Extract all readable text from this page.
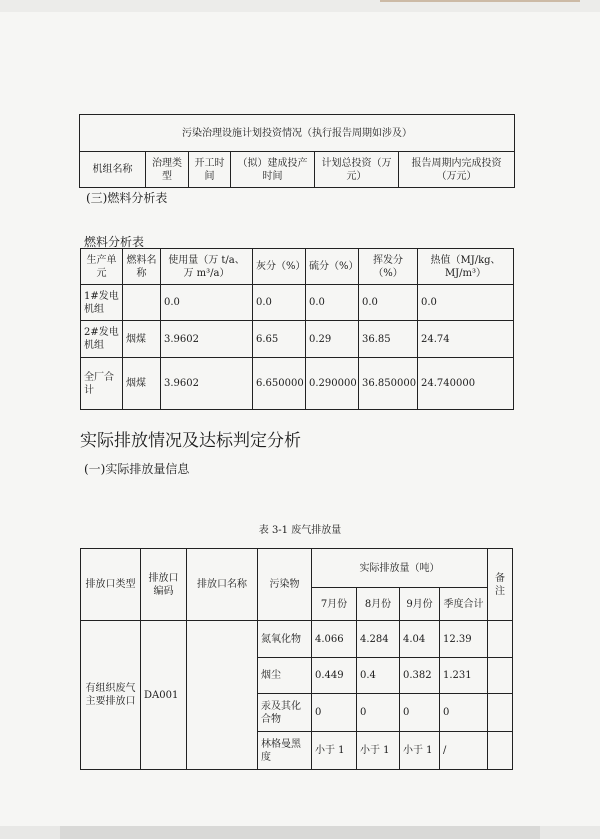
污染治理设施计划投资情况（执行报告周期如涉及）
机组名称	治理类型	开工时间	（拟）建成投产时间	计划总投资（万元）	报告周期内完成投资（万元）
(三)燃料分析表
燃料分析表
生产单元	燃料名称	使用量（万 t/a、万 m³/a）	灰分（%）	硫分（%）	挥发分（%）	热值（MJ/kg、MJ/m³）
1#发电机组		0.0	0.0	0.0	0.0	0.0
2#发电机组	烟煤	3.9602	6.65	0.29	36.85	24.74
全厂合计	烟煤	3.9602	6.650000	0.290000	36.850000	24.740000
实际排放情况及达标判定分析
(一)实际排放量信息
表 3-1 废气排放量
排放口类型	排放口编码	排放口名称	污染物	实际排放量（吨）				备注
				7月份	8月份	9月份	季度合计	
有组织废气主要排放口	DA001		氮氧化物	4.066	4.284	4.04	12.39	
			烟尘	0.449	0.4	0.382	1.231	
			汞及其化合物	0	0	0	0	
			林格曼黑度	小于 1	小于 1	小于 1	/	
